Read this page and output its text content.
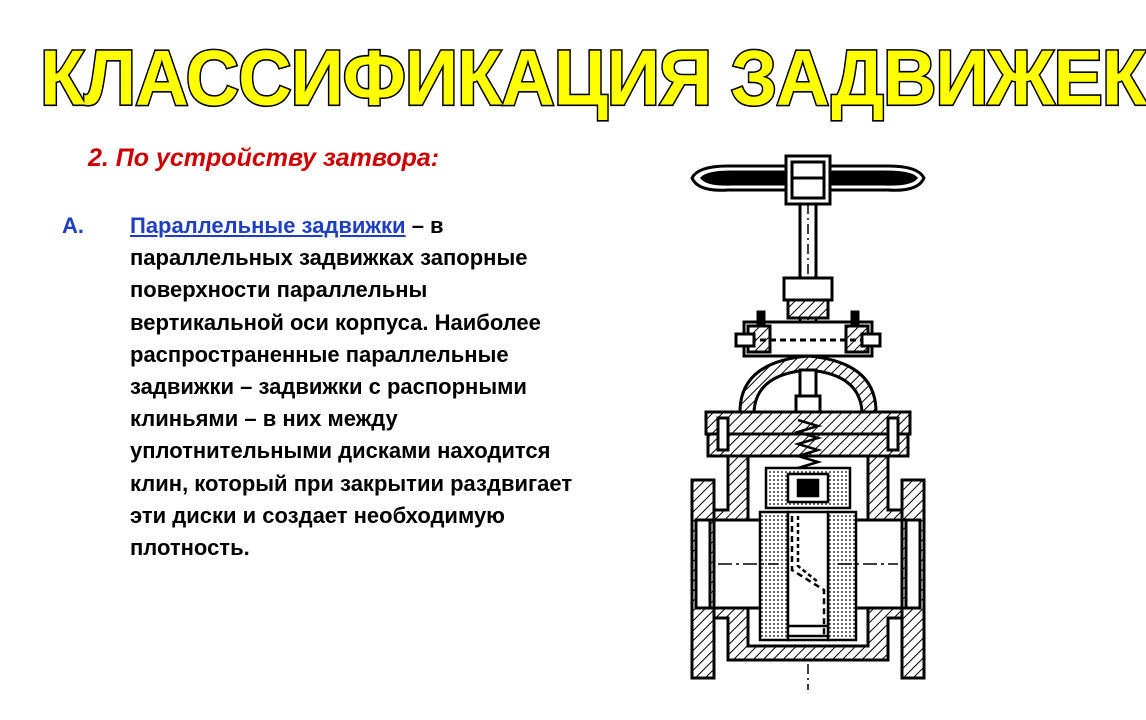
КЛАССИФИКАЦИЯ ЗАДВИЖЕК
2. По устройству затвора:

А. Параллельные задвижки – в параллельных задвижках запорные поверхности параллельны вертикальной оси корпуса. Наиболее распространенные параллельные задвижки – задвижки с распорными клиньями – в них между уплотнительными дисками находится клин, который при закрытии раздвигает эти диски и создает необходимую плотность.
